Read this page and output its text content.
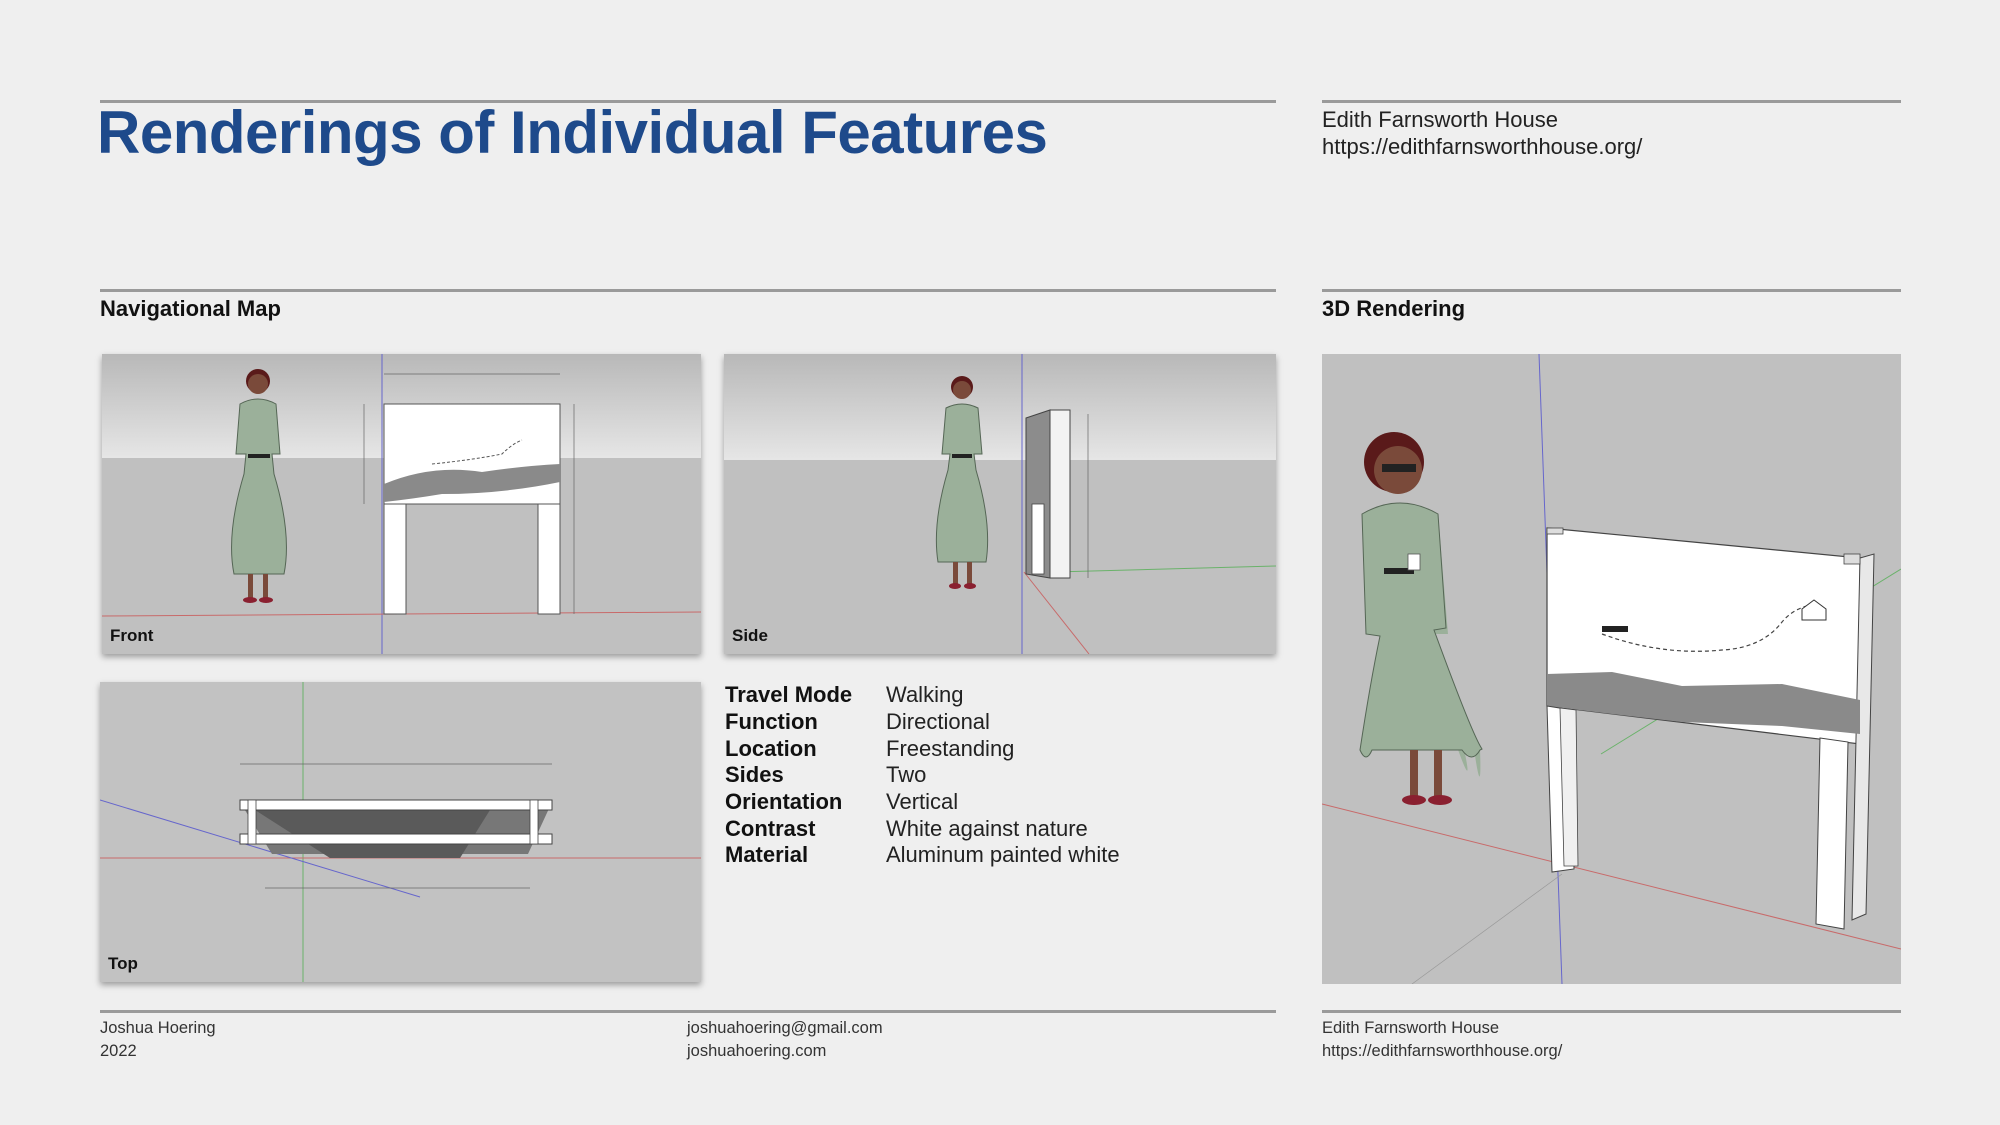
Renderings of Individual Features	Edith Farnsworth House
https://edithfarnsworthhouse.org/
Navigational Map	3D Rendering
Front	Side
Top
Travel Mode	Walking
Function	Directional
Location	Freestanding
Sides	Two
Orientation	Vertical
Contrast	White against nature
Material	Aluminum painted white
Joshua Hoering
2022
joshuahoering@gmail.com
joshuahoering.com
Edith Farnsworth House
https://edithfarnsworthhouse.org/
